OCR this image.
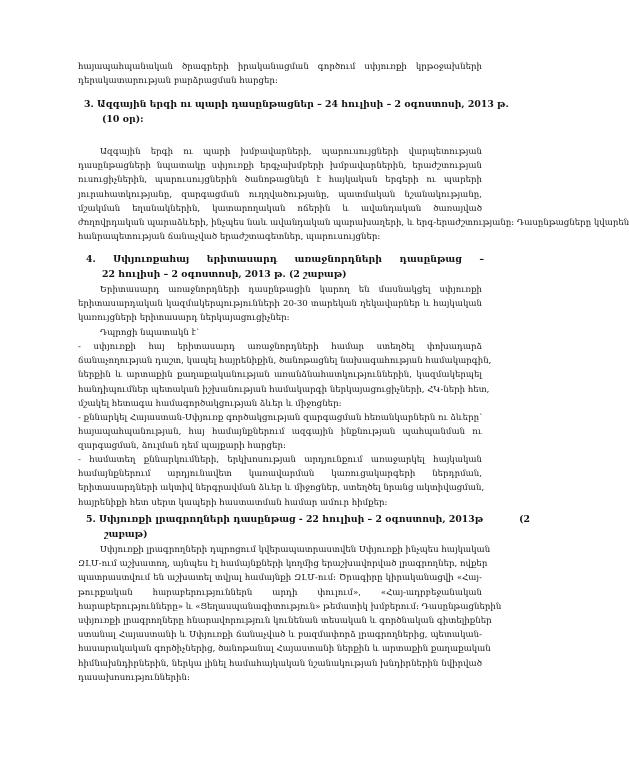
հայապահպանական ծրագրերի իրականացման գործում սփյուռքի կրթօջախների
դերակատարության բարձրացման հարցեր։
3. Ազգային երգի ու պարի դասընթացներ – 24 հուլիսի – 2 օգոստոսի, 2013 թ.
(10 օր):
Ազգային երգի ու պարի խմբավարների, պարուսույցների վարպետության
դասընթացների նպատակը սփյուռքի երգչախմբերի խմբավարներին, երաժշտության
ուսուցիչներին, պարուսույցներին ծանոթացնելն է հայկական երգերի ու պարերի
յուրահատկությանը, զարգացման ուղղվածությանը, պատմական նշանակությանը,
մշակման եղանակներին, կատարողական ոճերին և ավանդական ծառայված
ժողովրդական պարաձևերի, ինչպես նաև ավանդական պարախաղերի, և երգ-երաժշտությանը։ Դասընթացները կվարեն
հանրապետության ճանաչված երաժշտագետներ, պարուսույցներ։
4. Սփյուռքահայ երիտասարդ առաջնորդների դասընթաց –
22 հուլիսի – 2 օգոստոսի, 2013 թ. (2 շաբաթ)
Երիտասարդ առաջնորդների դասընթացին կարող են մասնակցել սփյուռքի
երիտասարդական կազմակերպությունների 20-30 տարեկան ղեկավարներ և հայկական
կառույցների երիտասարդ ներկայացուցիչներ։
Դպրոցի նպատակն է՝
- սփյուռքի հայ երիտասարդ առաջնորդների համար ստեղծել փոխադարձ
ճանաչողության դաշտ, կապել հայրենիքին, ծանոթացնել նախագահության համակարգին,
ներքին և արտաքին քաղաքականության առանձնահատկություններին, կազմակերպել
հանդիպումներ պետական իշխանության համակարգի ներկայացուցիչների, ՀԿ-ների հետ,
մշակել հետագա համագործակցության ձևեր և միջոցներ։
- քննարկել Հայաստան-Սփյուռք գործակցության զարգացման հեռանկարներն ու ձևերը՝
հայապահպանության, հայ համայնքներում ազգային ինքնության պահպանման ու
զարգացման, ձուլման դեմ պայքարի հարցեր։
- համատեղ քննարկումների, երկխոսության արդյունքում առաջարկել հայկական
համայնքներում արդյունավետ կառավարման կառուցակարգերի ներդրման,
երիտասարդների ակտիվ ներգրավման ձևեր և միջոցներ, ստեղծել նրանց ակտիվացման,
հայրենիքի հետ սերտ կապերի հաստատման համար ամուր հիմքեր։
5. Սփյուռքի լրագրողների դասընթաց - 22 հուլիսի – 2 օգոստոսի, 2013թ	(2
շաբաթ)
Սփյուռքի լրագրողների դպրոցում կվերապատրաստվեն Սփյուռքի ինչպես հայկական
ԶԼՄ-ում աշխատող, այնպես էլ համայնքների կողմից երաշխավորված լրագրողներ, ովքեր
պատրաստվում են աշխատել տվյալ համայնքի ԶԼՄ-ում։ Ծրագիրը կիրականացվի «Հայ-
թուրքական հարաբերություններն արդի փուլում», «Հայ-ադրբեջանական
հարաբերությունները» և «Ցեղասպանագիտություն» թեմատիկ խմբերում։ Դասընթացներին
սփյուռքի լրագրողները հնարավորություն կունենան տեսական և գործնական գիտելիքներ
ստանալ Հայաստանի և Սփյուռքի ճանաչված և բազմափորձ լրագրողներից, պետական-
հասարակական գործիչներից, ծանոթանալ Հայաստանի ներքին և արտաքին քաղաքական
հիմնախնդիրներին, ներկա լինել համահայկական նշանակության խնդիրներին նվիրված
դասախոսություններին։
